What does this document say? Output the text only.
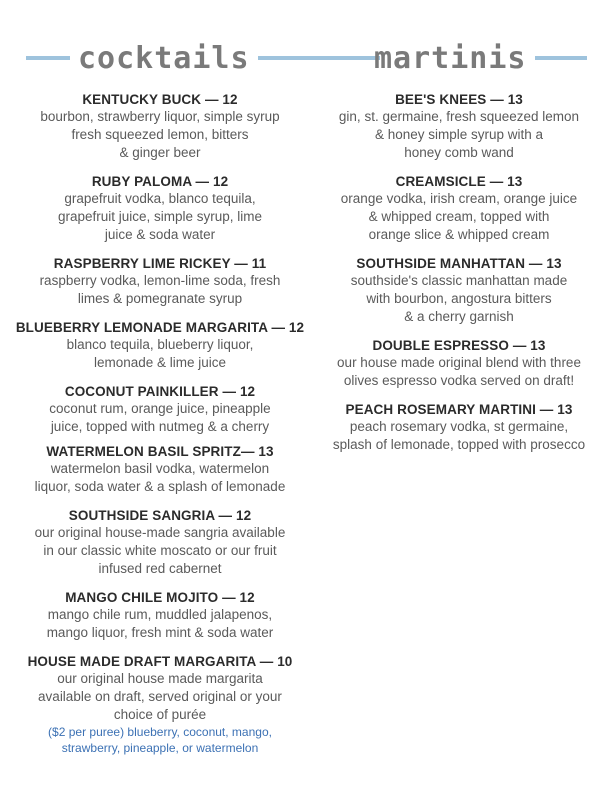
cocktails	martinis
KENTUCKY BUCK — 12
bourbon, strawberry liquor, simple syrup
fresh squeezed lemon, bitters
& ginger beer
RUBY PALOMA — 12
grapefruit vodka, blanco tequila,
grapefruit juice, simple syrup, lime
juice & soda water
RASPBERRY LIME RICKEY — 11
raspberry vodka, lemon-lime soda, fresh
limes & pomegranate syrup
BLUEBERRY LEMONADE MARGARITA — 12
blanco tequila, blueberry liquor,
lemonade & lime juice
COCONUT PAINKILLER — 12
coconut rum, orange juice, pineapple
juice, topped with nutmeg & a cherry
WATERMELON BASIL SPRITZ— 13
watermelon basil vodka, watermelon
liquor, soda water & a splash of lemonade
SOUTHSIDE SANGRIA — 12
our original house-made sangria available
in our classic white moscato or our fruit
infused red cabernet
MANGO CHILE MOJITO — 12
mango chile rum, muddled jalapenos,
mango liquor, fresh mint & soda water
HOUSE MADE DRAFT MARGARITA — 10
our original house made margarita
available on draft, served original or your
choice of purée
($2 per puree) blueberry, coconut, mango,
strawberry, pineapple, or watermelon
BEE'S KNEES — 13
gin, st. germaine, fresh squeezed lemon
& honey simple syrup with a
honey comb wand
CREAMSICLE — 13
orange vodka, irish cream, orange juice
& whipped cream, topped with
orange slice & whipped cream
SOUTHSIDE MANHATTAN — 13
southside's classic manhattan made
with bourbon, angostura bitters
& a cherry garnish
DOUBLE ESPRESSO — 13
our house made original blend with three
olives espresso vodka served on draft!
PEACH ROSEMARY MARTINI — 13
peach rosemary vodka, st germaine,
splash of lemonade, topped with prosecco
